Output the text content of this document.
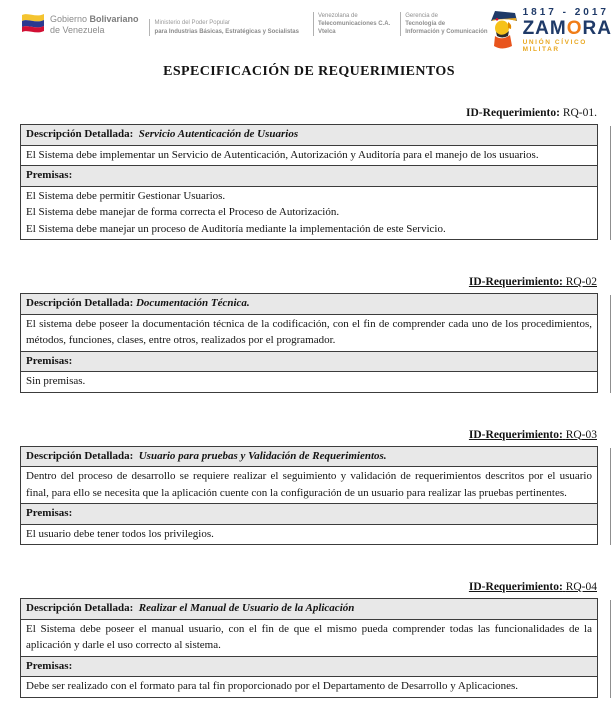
Gobierno Bolivariano
de Venezuela
Ministerio del Poder Popular
para Industrias Básicas, Estratégicas y Socialistas
Venezolana de
Telecomunicaciones C.A.
Vtelca
Gerencia de
Tecnología de
Información y Comunicación
1817 - 2017
ZAMORA
UNIÓN CÍVICO MILITAR
ESPECIFICACIÓN DE REQUERIMIENTOS
ID-Requerimiento: RQ-01.
Descripción Detallada: Servicio Autenticación de Usuarios
El Sistema debe implementar un Servicio de Autenticación, Autorización y Auditoría para el manejo de los usuarios.
Premisas:
El Sistema debe permitir Gestionar Usuarios.
El Sistema debe manejar de forma correcta el Proceso de Autorización.
El Sistema debe manejar un proceso de Auditoría mediante la implementación de este Servicio.
ID-Requerimiento: RQ-02
Descripción Detallada: Documentación Técnica.
El sistema debe poseer la documentación técnica de la codificación, con el fin de comprender cada uno de los procedimientos, métodos, funciones, clases, entre otros, realizados por el programador.
Premisas:
Sin premisas.
ID-Requerimiento: RQ-03
Descripción Detallada: Usuario para pruebas y Validación de Requerimientos.
Dentro del proceso de desarrollo se requiere realizar el seguimiento y validación de requerimientos descritos por el usuario final, para ello se necesita que la aplicación cuente con la configuración de un usuario para realizar las pruebas pertinentes.
Premisas:
El usuario debe tener todos los privilegios.
ID-Requerimiento: RQ-04
Descripción Detallada: Realizar el Manual de Usuario de la Aplicación
El Sistema debe poseer el manual usuario, con el fin de que el mismo pueda comprender todas las funcionalidades de la aplicación y darle el uso correcto al sistema.
Premisas:
Debe ser realizado con el formato para tal fin proporcionado por el Departamento de Desarrollo y Aplicaciones.
